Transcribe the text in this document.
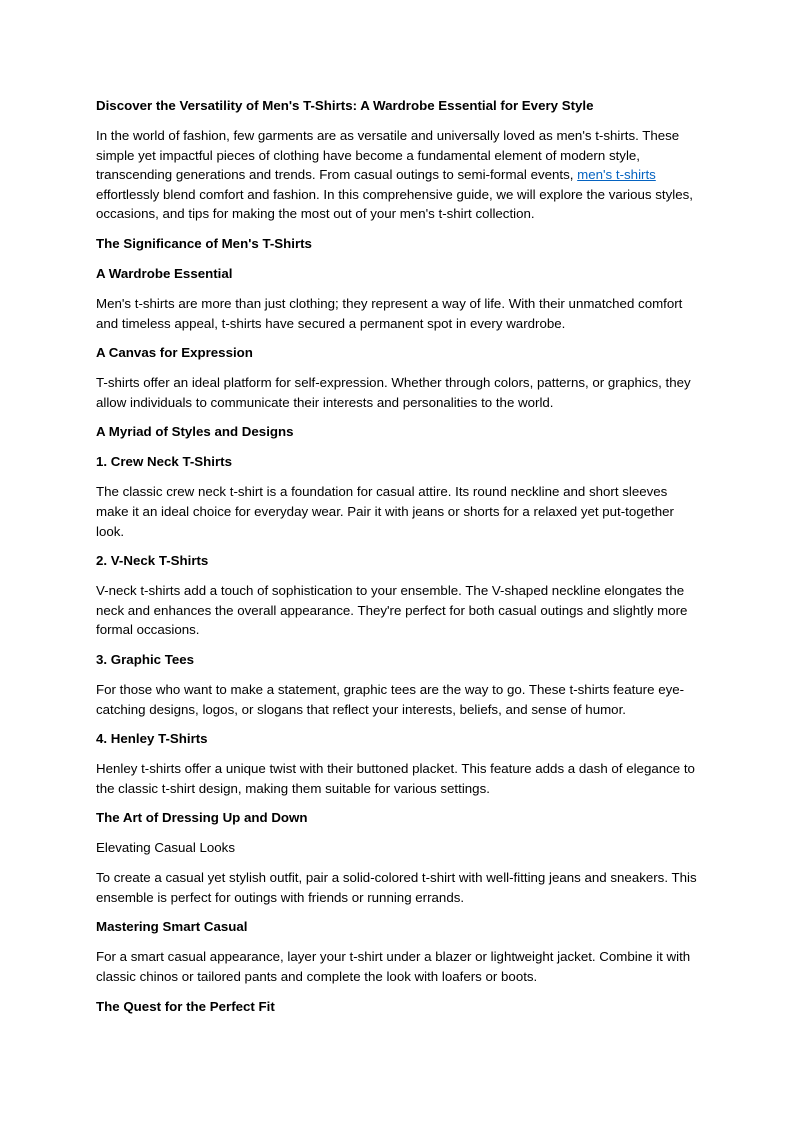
Discover the Versatility of Men's T-Shirts: A Wardrobe Essential for Every Style
In the world of fashion, few garments are as versatile and universally loved as men's t-shirts. These simple yet impactful pieces of clothing have become a fundamental element of modern style, transcending generations and trends. From casual outings to semi-formal events, men's t-shirts effortlessly blend comfort and fashion. In this comprehensive guide, we will explore the various styles, occasions, and tips for making the most out of your men's t-shirt collection.
The Significance of Men's T-Shirts
A Wardrobe Essential
Men's t-shirts are more than just clothing; they represent a way of life. With their unmatched comfort and timeless appeal, t-shirts have secured a permanent spot in every wardrobe.
A Canvas for Expression
T-shirts offer an ideal platform for self-expression. Whether through colors, patterns, or graphics, they allow individuals to communicate their interests and personalities to the world.
A Myriad of Styles and Designs
1. Crew Neck T-Shirts
The classic crew neck t-shirt is a foundation for casual attire. Its round neckline and short sleeves make it an ideal choice for everyday wear. Pair it with jeans or shorts for a relaxed yet put-together look.
2. V-Neck T-Shirts
V-neck t-shirts add a touch of sophistication to your ensemble. The V-shaped neckline elongates the neck and enhances the overall appearance. They're perfect for both casual outings and slightly more formal occasions.
3. Graphic Tees
For those who want to make a statement, graphic tees are the way to go. These t-shirts feature eye-catching designs, logos, or slogans that reflect your interests, beliefs, and sense of humor.
4. Henley T-Shirts
Henley t-shirts offer a unique twist with their buttoned placket. This feature adds a dash of elegance to the classic t-shirt design, making them suitable for various settings.
The Art of Dressing Up and Down
Elevating Casual Looks
To create a casual yet stylish outfit, pair a solid-colored t-shirt with well-fitting jeans and sneakers. This ensemble is perfect for outings with friends or running errands.
Mastering Smart Casual
For a smart casual appearance, layer your t-shirt under a blazer or lightweight jacket. Combine it with classic chinos or tailored pants and complete the look with loafers or boots.
The Quest for the Perfect Fit
